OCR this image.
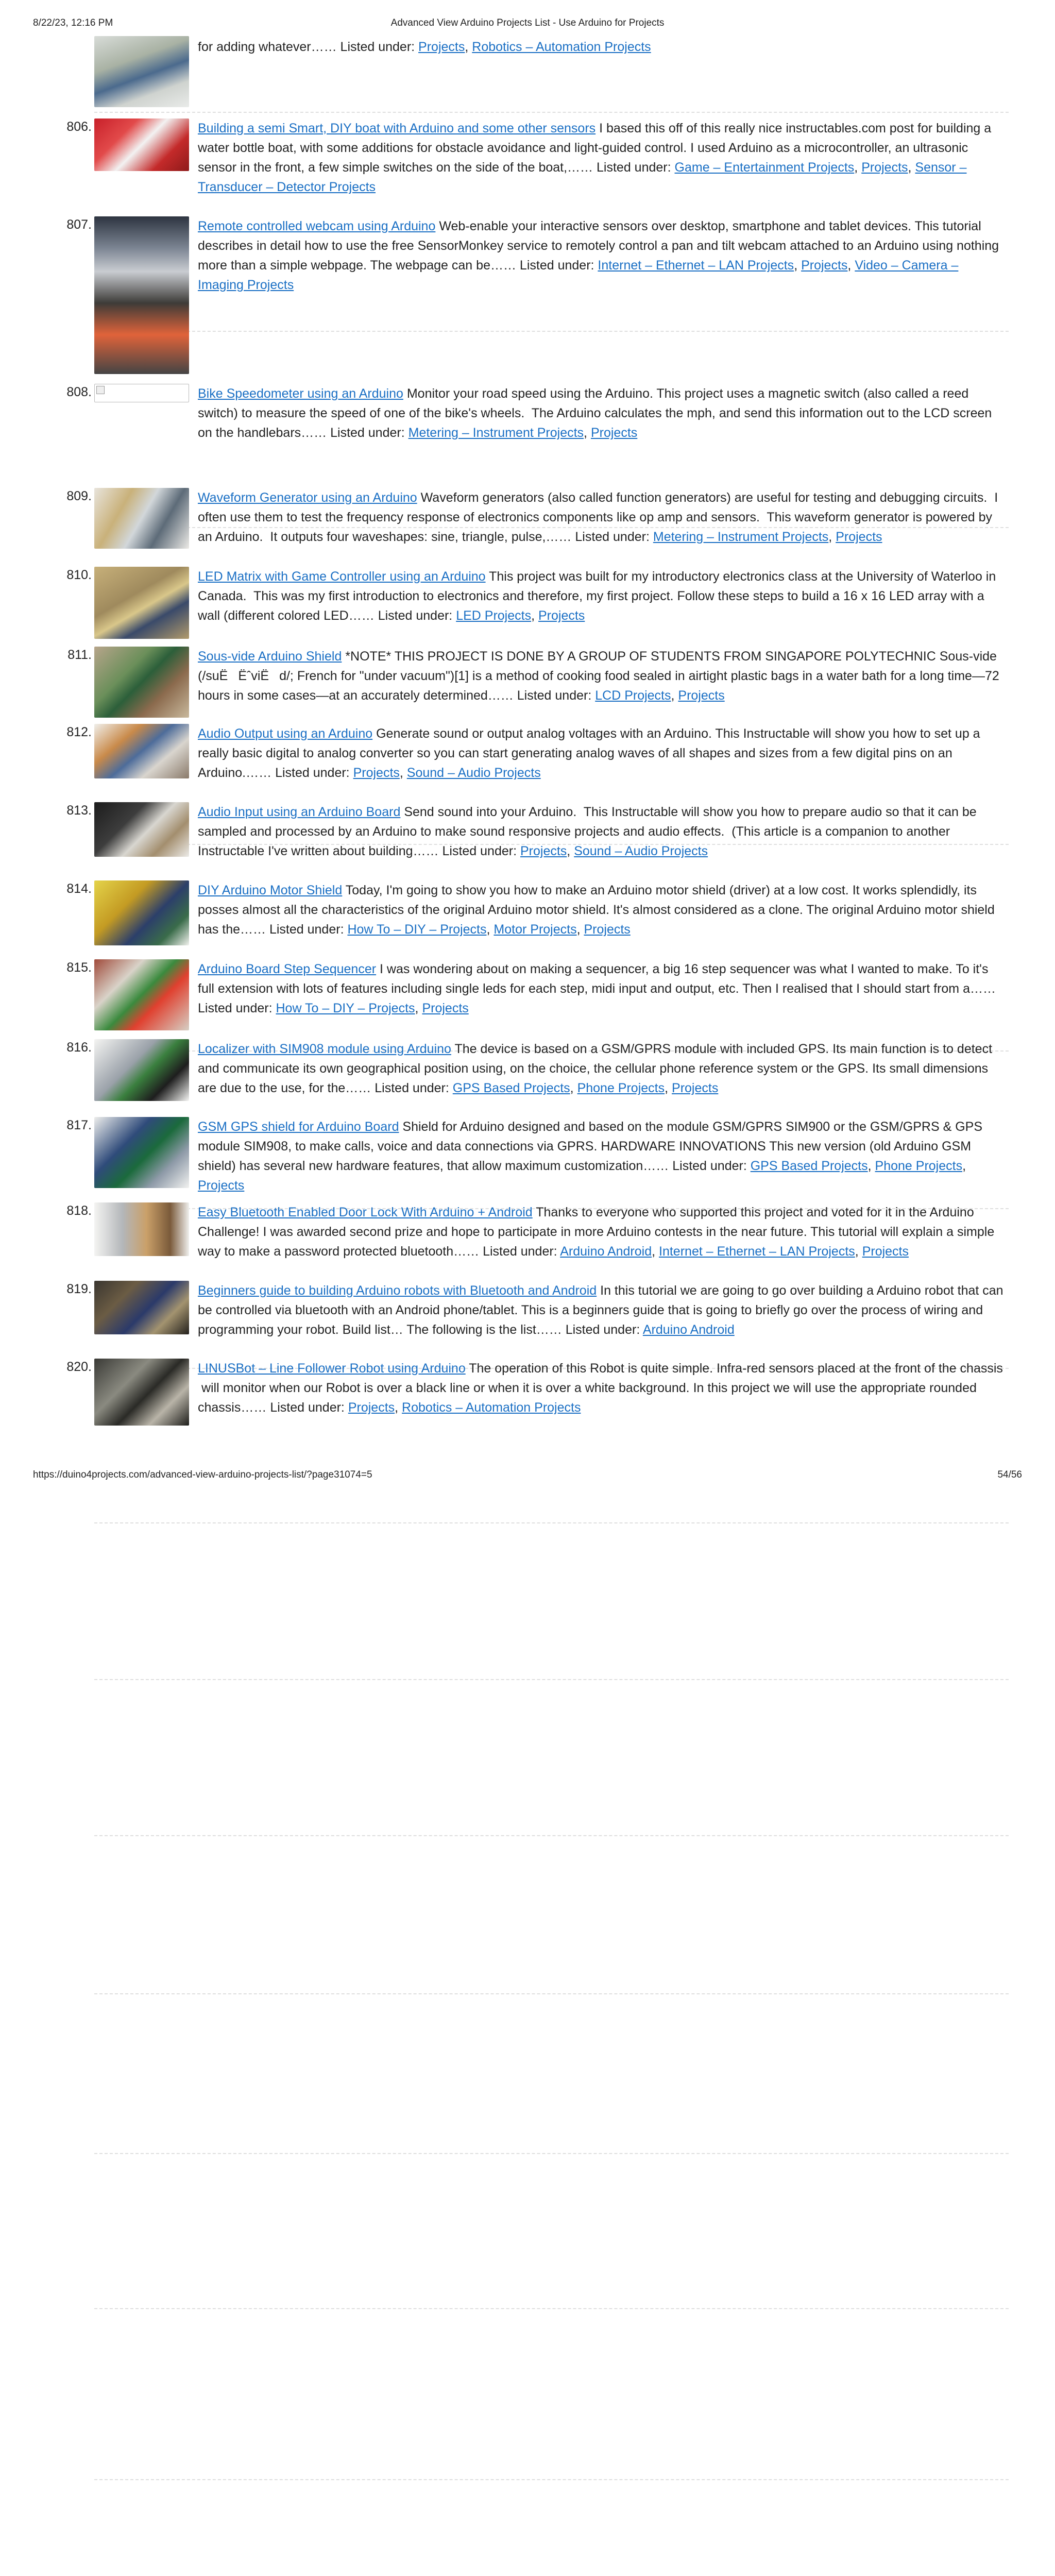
8/22/23, 12:16 PM	Advanced View Arduino Projects List - Use Arduino for Projects
for adding whatever…… Listed under: Projects, Robotics – Automation Projects
806.	Building a semi Smart, DIY boat with Arduino and some other sensors I based this off of this really nice instructables.com post for building a water bottle boat, with some additions for obstacle avoidance and light-guided control. I used Arduino as a microcontroller, an ultrasonic sensor in the front, a few simple switches on the side of the boat,…… Listed under: Game – Entertainment Projects, Projects, Sensor – Transducer – Detector Projects
807.	Remote controlled webcam using Arduino Web-enable your interactive sensors over desktop, smartphone and tablet devices. This tutorial describes in detail how to use the free SensorMonkey service to remotely control a pan and tilt webcam attached to an Arduino using nothing more than a simple webpage. The webpage can be…… Listed under: Internet – Ethernet – LAN Projects, Projects, Video – Camera – Imaging Projects
808.	Bike Speedometer using an Arduino Monitor your road speed using the Arduino. This project uses a magnetic switch (also called a reed switch) to measure the speed of one of the bike's wheels.  The Arduino calculates the mph, and send this information out to the LCD screen on the handlebars…… Listed under: Metering – Instrument Projects, Projects
809.	Waveform Generator using an Arduino Waveform generators (also called function generators) are useful for testing and debugging circuits.  I often use them to test the frequency response of electronics components like op amp and sensors.  This waveform generator is powered by an Arduino.  It outputs four waveshapes: sine, triangle, pulse,…… Listed under: Metering – Instrument Projects, Projects
810.	LED Matrix with Game Controller using an Arduino This project was built for my introductory electronics class at the University of Waterloo in Canada.  This was my first introduction to electronics and therefore, my first project. Follow these steps to build a 16 x 16 LED array with a wall (different colored LED…… Listed under: LED Projects, Projects
811.	Sous-vide Arduino Shield *NOTE* THIS PROJECT IS DONE BY A GROUP OF STUDENTS FROM SINGAPORE POLYTECHNIC Sous-vide (/suËËˆviËd/; French for "under vacuum")[1] is a method of cooking food sealed in airtight plastic bags in a water bath for a long time—72 hours in some cases—at an accurately determined…… Listed under: LCD Projects, Projects
812.	Audio Output using an Arduino Generate sound or output analog voltages with an Arduino. This Instructable will show you how to set up a really basic digital to analog converter so you can start generating analog waves of all shapes and sizes from a few digital pins on an Arduino.…… Listed under: Projects, Sound – Audio Projects
813.	Audio Input using an Arduino Board Send sound into your Arduino.  This Instructable will show you how to prepare audio so that it can be sampled and processed by an Arduino to make sound responsive projects and audio effects.  (This article is a companion to another Instructable I've written about building…… Listed under: Projects, Sound – Audio Projects
814.	DIY Arduino Motor Shield Today, I'm going to show you how to make an Arduino motor shield (driver) at a low cost. It works splendidly, its posses almost all the characteristics of the original Arduino motor shield. It's almost considered as a clone. The original Arduino motor shield has the…… Listed under: How To – DIY – Projects, Motor Projects, Projects
815.	Arduino Board Step Sequencer I was wondering about on making a sequencer, a big 16 step sequencer was what I wanted to make. To it's full extension with lots of features including single leds for each step, midi input and output, etc. Then I realised that I should start from a…… Listed under: How To – DIY – Projects, Projects
816.	Localizer with SIM908 module using Arduino The device is based on a GSM/GPRS module with included GPS. Its main function is to detect and communicate its own geographical position using, on the choice, the cellular phone reference system or the GPS. Its small dimensions are due to the use, for the…… Listed under: GPS Based Projects, Phone Projects, Projects
817.	GSM GPS shield for Arduino Board Shield for Arduino designed and based on the module GSM/GPRS SIM900 or the GSM/GPRS & GPS module SIM908, to make calls, voice and data connections via GPRS. HARDWARE INNOVATIONS This new version (old Arduino GSM shield) has several new hardware features, that allow maximum customization…… Listed under: GPS Based Projects, Phone Projects, Projects
818.	Easy Bluetooth Enabled Door Lock With Arduino + Android Thanks to everyone who supported this project and voted for it in the Arduino Challenge! I was awarded second prize and hope to participate in more Arduino contests in the near future. This tutorial will explain a simple way to make a password protected bluetooth…… Listed under: Arduino Android, Internet – Ethernet – LAN Projects, Projects
819.	Beginners guide to building Arduino robots with Bluetooth and Android In this tutorial we are going to go over building a Arduino robot that can be controlled via bluetooth with an Android phone/tablet. This is a beginners guide that is going to briefly go over the process of wiring and programming your robot. Build list… The following is the list…… Listed under: Arduino Android
820.	LINUSBot – Line Follower Robot using Arduino The operation of this Robot is quite simple. Infra-red sensors placed at the front of the chassis  will monitor when our Robot is over a black line or when it is over a white background. In this project we will use the appropriate rounded chassis…… Listed under: Projects, Robotics – Automation Projects
https://duino4projects.com/advanced-view-arduino-projects-list/?page31074=5	54/56
